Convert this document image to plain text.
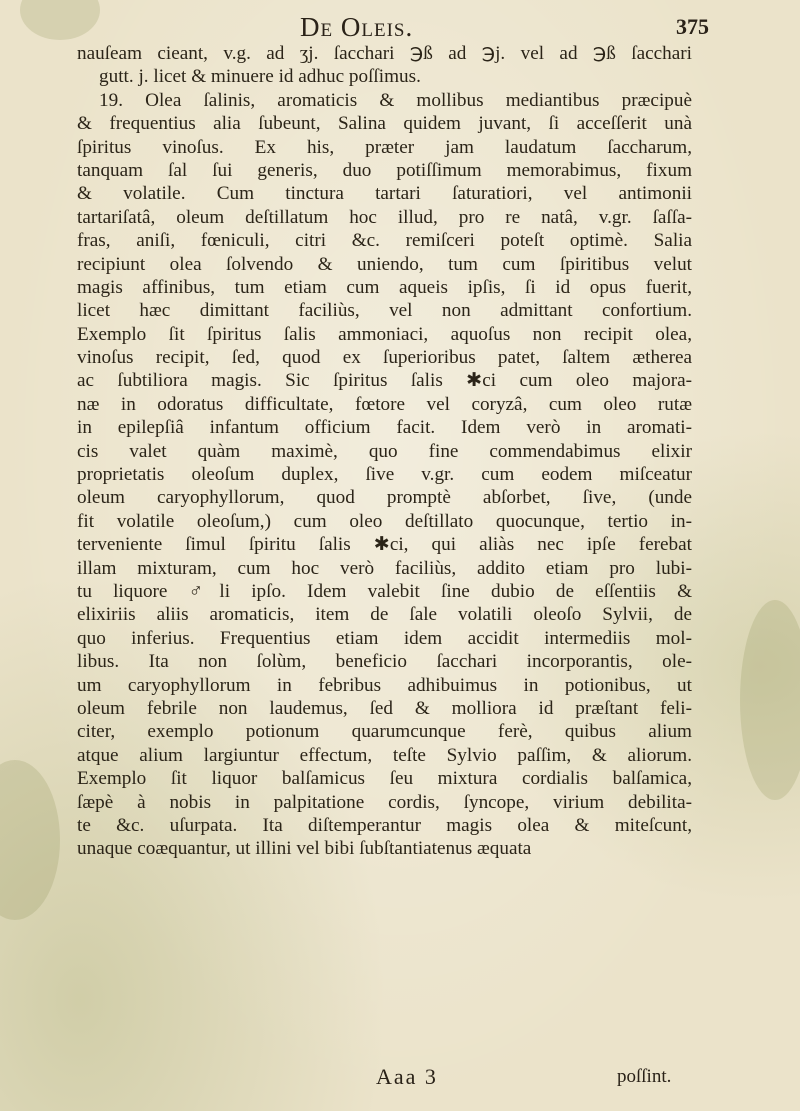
De Oleis.	375
nauſeam cieant, v.g. ad ʒj. ſacchari ℈ß ad ℈j. vel ad ℈ß ſacchari
gutt. j. licet & minuere id adhuc poſſimus.
19. Olea ſalinis, aromaticis & mollibus mediantibus præcipuè
& frequentius alia ſubeunt, Salina quidem juvant, ſi acceſſerit unà
ſpiritus vinoſus. Ex his, præter jam laudatum ſaccharum,
tanquam ſal ſui generis, duo potiſſimum memorabimus, fixum
& volatile. Cum tinctura tartari ſaturatiori, vel antimonii
tartariſatâ, oleum deſtillatum hoc illud, pro re natâ, v.gr. ſaſſa-
fras, aniſi, fœniculi, citri &c. remiſceri poteſt optimè. Salia
recipiunt olea ſolvendo & uniendo, tum cum ſpiritibus velut
magis affinibus, tum etiam cum aqueis ipſis, ſi id opus fuerit,
licet hæc dimittant faciliùs, vel non admittant confortium.
Exemplo ſit ſpiritus ſalis ammoniaci, aquoſus non recipit olea,
vinoſus recipit, ſed, quod ex ſuperioribus patet, ſaltem ætherea
ac ſubtiliora magis. Sic ſpiritus ſalis ✱ci cum oleo majora-
næ in odoratus difficultate, fœtore vel coryzâ, cum oleo rutæ
in epilepſiâ infantum officium facit. Idem verò in aromati-
cis valet quàm maximè, quo fine commendabimus elixir
proprietatis oleoſum duplex, ſive v.gr. cum eodem miſceatur
oleum caryophyllorum, quod promptè abſorbet, ſive, (unde
fit volatile oleoſum,) cum oleo deſtillato quocunque, tertio in-
terveniente ſimul ſpiritu ſalis ✱ci, qui aliàs nec ipſe ferebat
illam mixturam, cum hoc verò faciliùs, addito etiam pro lubi-
tu liquore ♂li ipſo. Idem valebit ſine dubio de eſſentiis &
elixiriis aliis aromaticis, item de ſale volatili oleoſo Sylvii, de
quo inferius. Frequentius etiam idem accidit intermediis mol-
libus. Ita non ſolùm, beneficio ſacchari incorporantis, ole-
um caryophyllorum in febribus adhibuimus in potionibus, ut
oleum febrile non laudemus, ſed & molliora id præſtant feli-
citer, exemplo potionum quarumcunque ferè, quibus alium
atque alium largiuntur effectum, teſte Sylvio paſſim, & aliorum.
Exemplo ſit liquor balſamicus ſeu mixtura cordialis balſamica,
ſæpè à nobis in palpitatione cordis, ſyncope, virium debilita-
te &c. uſurpata. Ita diſtemperantur magis olea & miteſcunt,
unaque coæquantur, ut illini vel bibi ſubſtantiatenus æquata
Aaa 3	poſſint.
